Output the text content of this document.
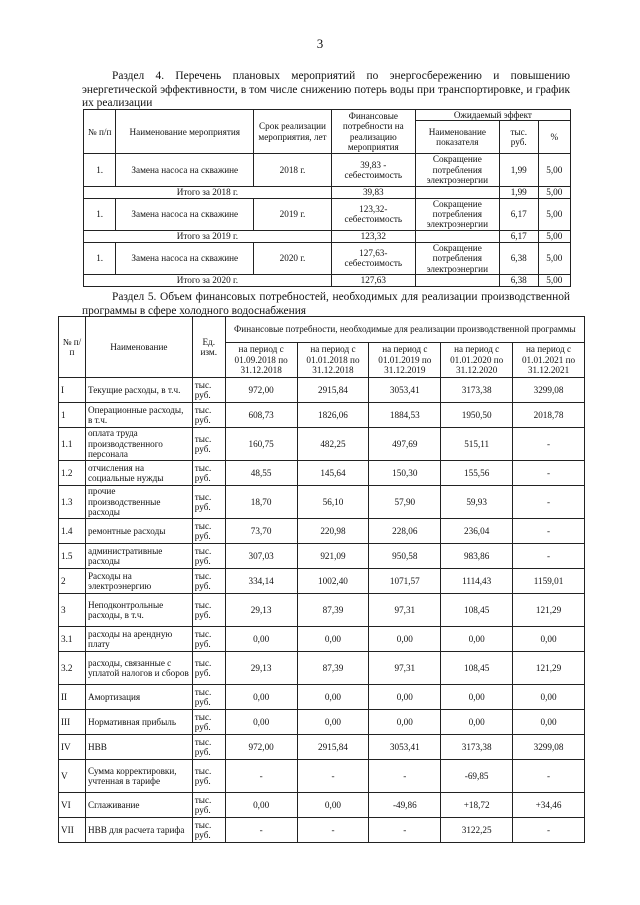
3
Раздел 4. Перечень плановых мероприятий по энергосбережению и повышению энергетической эффективности, в том числе снижению потерь воды при транспортировке, и график их реализации
№ п/п	Наименование мероприятия	Срок реализации мероприятия, лет	Финансовые потребности на реализацию мероприятия	Ожидаемый эффект		
				Наименование показателя	тыс. руб.	%
1.	Замена насоса на скважине	2018 г.	39,83 - себестоимость	Сокращение потребления электроэнергии	1,99	5,00
Итого за 2018 г.			39,83		1,99	5,00
1.	Замена насоса на скважине	2019 г.	123,32- себестоимость	Сокращение потребления электроэнергии	6,17	5,00
Итого за 2019 г.			123,32		6,17	5,00
1.	Замена насоса на скважине	2020 г.	127,63- себестоимость	Сокращение потребления электроэнергии	6,38	5,00
Итого за 2020 г.			127,63		6,38	5,00
Раздел 5. Объем финансовых потребностей, необходимых для реализации производственной программы в сфере холодного водоснабжения
№ п/п	Наименование	Ед. изм.	Финансовые потребности, необходимые для реализации производственной программы				
			на период с 01.09.2018 по 31.12.2018	на период с 01.01.2018 по 31.12.2018	на период с 01.01.2019 по 31.12.2019	на период с 01.01.2020 по 31.12.2020	на период с 01.01.2021 по 31.12.2021
I	Текущие расходы, в т.ч.	тыс. руб.	972,00	2915,84	3053,41	3173,38	3299,08
1	Операционные расходы, в т.ч.	тыс. руб.	608,73	1826,06	1884,53	1950,50	2018,78
1.1	оплата труда производственного персонала	тыс. руб.	160,75	482,25	497,69	515,11	-
1.2	отчисления на социальные нужды	тыс. руб.	48,55	145,64	150,30	155,56	-
1.3	прочие производственные расходы	тыс. руб.	18,70	56,10	57,90	59,93	-
1.4	ремонтные расходы	тыс. руб.	73,70	220,98	228,06	236,04	-
1.5	административные расходы	тыс. руб.	307,03	921,09	950,58	983,86	-
2	Расходы на электроэнергию	тыс. руб.	334,14	1002,40	1071,57	1114,43	1159,01
3	Неподконтрольные расходы, в т.ч.	тыс. руб.	29,13	87,39	97,31	108,45	121,29
3.1	расходы на арендную плату	тыс. руб.	0,00	0,00	0,00	0,00	0,00
3.2	расходы, связанные с уплатой налогов и сборов	тыс. руб.	29,13	87,39	97,31	108,45	121,29
II	Амортизация	тыс. руб.	0,00	0,00	0,00	0,00	0,00
III	Нормативная прибыль	тыс. руб.	0,00	0,00	0,00	0,00	0,00
IV	НВВ	тыс. руб.	972,00	2915,84	3053,41	3173,38	3299,08
V	Сумма корректировки, учтенная в тарифе	тыс. руб.	-	-	-	-69,85	-
VI	Сглаживание	тыс. руб.	0,00	0,00	-49,86	+18,72	+34,46
VII	НВВ для расчета тарифа	тыс. руб.	-	-	-	3122,25	-
